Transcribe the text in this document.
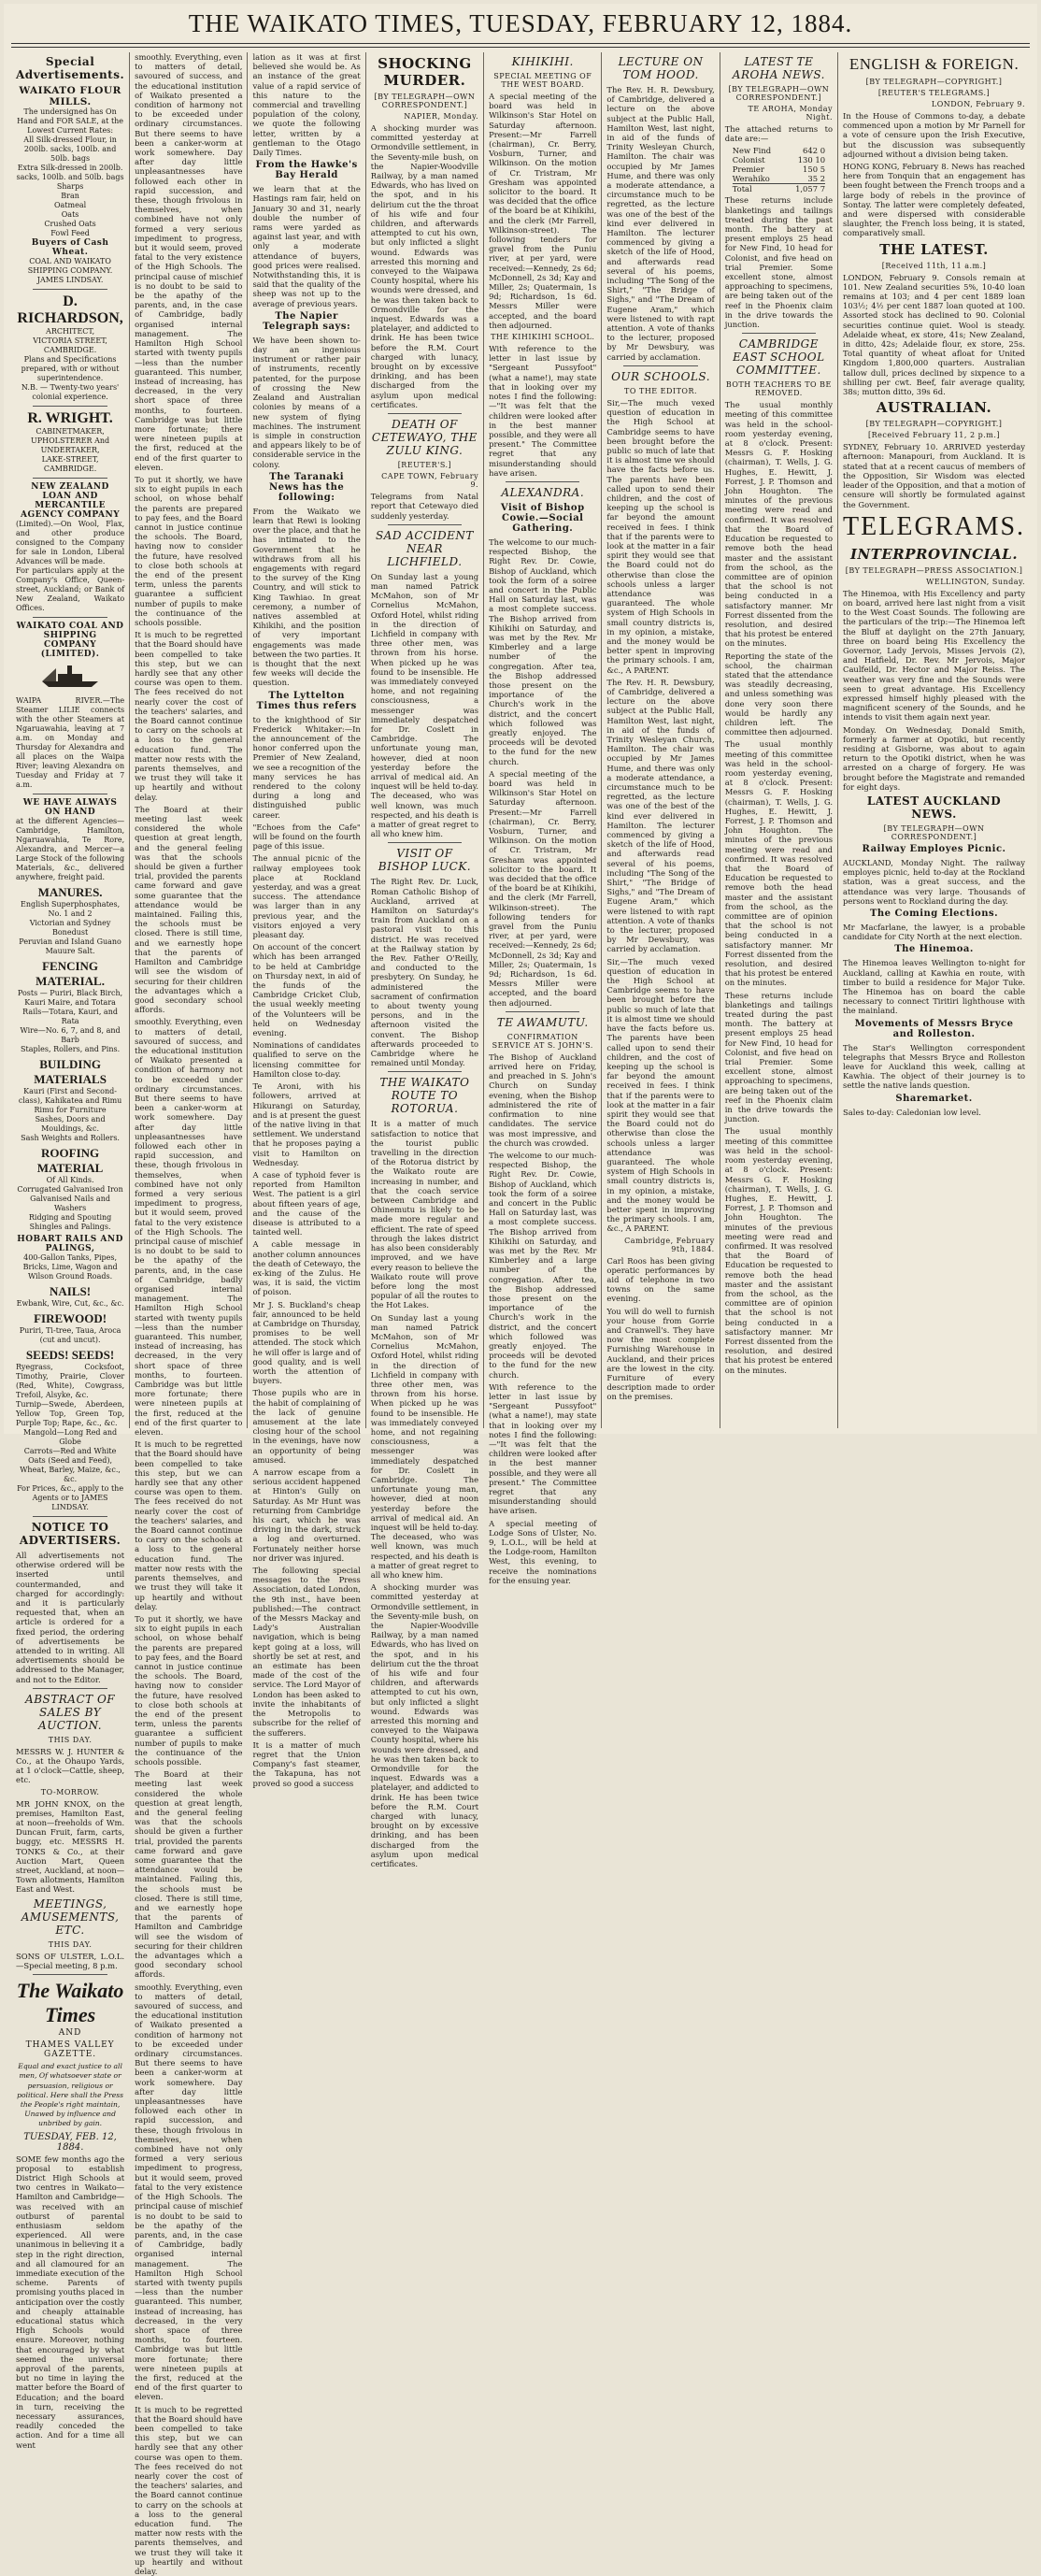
THE WAIKATO TIMES, TUESDAY, FEBRUARY 12, 1884.
Special Advertisements.
WAIKATO FLOUR MILLS.
The undersigned has On Hand and FOR SALE, at the Lowest Current Rates:
All Silk-dressed Flour, in 200lb. sacks, 100lb. and 50lb. bags
Extra Silk-dressed in 200lb. sacks, 100lb. and 50lb. bags
Sharps
Bran
Oatmeal
Oats
Crushed Oats
Fowl Feed
Buyers of Cash Wheat.
COAL AND WAIKATO SHIPPING COMPANY.
JAMES LINDSAY.
D. RICHARDSON,
ARCHITECT,
VICTORIA STREET, CAMBRIDGE.
Plans and Specifications prepared, with or without superintendence.
N.B. — Twenty-two years' colonial experience.
R. WRIGHT.
CABINETMAKER, UPHOLSTERER And UNDERTAKER,
LAKE-STREET, CAMBRIDGE.
NEW ZEALAND LOAN AND MERCANTILE AGENCY COMPANY
(Limited).—On Wool, Flax, and other produce consigned to the Company for sale in London, Liberal Advances will be made.
For particulars apply at the Company's Office, Queen-street, Auckland; or Bank of New Zealand, Waikato Offices.
WAIKATO COAL AND SHIPPING COMPANY (LIMITED).
WAIPA RIVER.—The Steamer LILIE connects with the other Steamers at Ngaruawahia, leaving at 7 a.m. on Monday and Thursday for Alexandra and all places on the Waipa River; leaving Alexandra on Tuesday and Friday at 7 a.m.
WE HAVE ALWAYS ON HAND
at the different Agencies—Cambridge, Hamilton, Ngaruawahia, Te Rore, Alexandra, and Mercer—a Large Stock of the following Materials, &c., delivered anywhere, freight paid.
MANURES.
English Superphosphates, No. 1 and 2
Victorian and Sydney Bonedust
Peruvian and Island Guano
Mauure Salt.
FENCING MATERIAL.
Posts — Puriri, Black Birch, Kauri Maire, and Totara
Rails—Totara, Kauri, and Rata
Wire—No. 6, 7, and 8, and Barb
Staples, Rollers, and Pins.
BUILDING MATERIALS
Kauri (First and Second-class), Kahikatea and Rimu
Rimu for Furniture
Sashes, Doors and Mouldings, &c.
Sash Weights and Rollers.
ROOFING MATERIAL
Of All Kinds.
Corrugated Galvanised Iron
Galvanised Nails and Washers
Ridging and Spouting
Shingles and Palings.
HOBART RAILS AND PALINGS,
400-Gallon Tanks, Pipes, Bricks, Lime, Wagon and Wilson Ground Roads.
NAILS!
Ewbank, Wire, Cut, &c., &c.
FIREWOOD!
Puriri, Ti-tree, Taua, Aroca (cut and uncut).
SEEDS! SEEDS!
Ryegrass, Cocksfoot, Timothy, Prairie, Clover (Red, White), Cowgrass, Trefoil, Alsyke, &c.
Turnip—Swede, Aberdeen, Yellow Top, Green Top, Purple Top; Rape, &c., &c.
Mangold—Long Red and Globe
Carrots—Red and White
Oats (Seed and Feed), Wheat, Barley, Maize, &c., &c.
For Prices, &c., apply to the Agents or to JAMES LINDSAY.
NOTICE TO ADVERTISERS.

All advertisements not otherwise ordered will be inserted until countermanded, and charged for accordingly: and it is particularly requested that, when an article is ordered for a fixed period, the ordering of advertisements be attended to in writing. All advertisements should be addressed to the Manager, and not to the Editor.

ABSTRACT OF SALES BY AUCTION.
THIS DAY.

MESSRS W. J. HUNTER & Co., at the Ohaupo Yards, at 1 o'clock—Cattle, sheep, etc.

TO-MORROW.

MR JOHN KNOX, on the premises, Hamilton East, at noon—freeholds of Wm. Duncan Fruit, farm, carts, buggy, etc. MESSRS H. TONKS & Co., at their Auction Mart, Queen street, Auckland, at noon—Town allotments, Hamilton East and West.

MEETINGS, AMUSEMENTS, ETC.
THIS DAY.

SONS OF ULSTER, L.O.L.—Special meeting, 8 p.m.

The Waikato Times
AND
THAMES VALLEY GAZETTE.

Equal and exact justice to all men, Of whatsoever state or persuasion, religious or political. Here shall the Press the People's right maintain, Unawed by influence and unbribed by gain.

TUESDAY, FEB. 12, 1884.

SOME few months ago the proposal to establish District High Schools at two centres in Waikato—Hamilton and Cambridge—was received with an outburst of parental enthusiasm seldom experienced. All were unanimous in believing it a step in the right direction, and all clamoured for an immediate execution of the scheme. Parents of promising youths placed in anticipation over the costly and cheaply attainable educational status which High Schools would ensure. Moreover, nothing that encouraged by what seemed the universal approval of the parents, but no time in laying the matter before the Board of Education; and the board in turn, receiving the necessary assurances, readily conceded the action. And for a time all went

smoothly. Everything, even to matters of detail, savoured of success, and the educational institution of Waikato presented a condition of harmony not to be exceeded under ordinary circumstances. But there seems to have been a canker-worm at work somewhere. Day after day little unpleasantnesses have followed each other in rapid succession, and these, though frivolous in themselves, when combined have not only formed a very serious impediment to progress, but it would seem, proved fatal to the very existence of the High Schools. The principal cause of mischief is no doubt to be said to be the apathy of the parents, and, in the case of Cambridge, badly organised internal management. The Hamilton High School started with twenty pupils—less than the number guaranteed. This number, instead of increasing, has decreased, in the very short space of three months, to fourteen. Cambridge was but little more fortunate; there were nineteen pupils at the first, reduced at the end of the first quarter to eleven.

To put it shortly, we have six to eight pupils in each school, on whose behalf the parents are prepared to pay fees, and the Board cannot in justice continue the schools. The Board, having now to consider the future, have resolved to close both schools at the end of the present term, unless the parents guarantee a sufficient number of pupils to make the continuance of the schools possible.

It is much to be regretted that the Board should have been compelled to take this step, but we can hardly see that any other course was open to them. The fees received do not nearly cover the cost of the teachers' salaries, and the Board cannot continue to carry on the schools at a loss to the general education fund. The matter now rests with the parents themselves, and we trust they will take it up heartily and without delay.

The Board at their meeting last week considered the whole question at great length, and the general feeling was that the schools should be given a further trial, provided the parents came forward and gave some guarantee that the attendance would be maintained. Failing this, the schools must be closed. There is still time, and we earnestly hope that the parents of Hamilton and Cambridge will see the wisdom of securing for their children the advantages which a good secondary school affords.

smoothly. Everything, even to matters of detail, savoured of success, and the educational institution of Waikato presented a condition of harmony not to be exceeded under ordinary circumstances. But there seems to have been a canker-worm at work somewhere. Day after day little unpleasantnesses have followed each other in rapid succession, and these, though frivolous in themselves, when combined have not only formed a very serious impediment to progress, but it would seem, proved fatal to the very existence of the High Schools. The principal cause of mischief is no doubt to be said to be the apathy of the parents, and, in the case of Cambridge, badly organised internal management. The Hamilton High School started with twenty pupils—less than the number guaranteed. This number, instead of increasing, has decreased, in the very short space of three months, to fourteen. Cambridge was but little more fortunate; there were nineteen pupils at the first, reduced at the end of the first quarter to eleven.

It is much to be regretted that the Board should have been compelled to take this step, but we can hardly see that any other course was open to them. The fees received do not nearly cover the cost of the teachers' salaries, and the Board cannot continue to carry on the schools at a loss to the general education fund. The matter now rests with the parents themselves, and we trust they will take it up heartily and without delay.

To put it shortly, we have six to eight pupils in each school, on whose behalf the parents are prepared to pay fees, and the Board cannot in justice continue the schools. The Board, having now to consider the future, have resolved to close both schools at the end of the present term, unless the parents guarantee a sufficient number of pupils to make the continuance of the schools possible.

The Board at their meeting last week considered the whole question at great length, and the general feeling was that the schools should be given a further trial, provided the parents came forward and gave some guarantee that the attendance would be maintained. Failing this, the schools must be closed. There is still time, and we earnestly hope that the parents of Hamilton and Cambridge will see the wisdom of securing for their children the advantages which a good secondary school affords.

smoothly. Everything, even to matters of detail, savoured of success, and the educational institution of Waikato presented a condition of harmony not to be exceeded under ordinary circumstances. But there seems to have been a canker-worm at work somewhere. Day after day little unpleasantnesses have followed each other in rapid succession, and these, though frivolous in themselves, when combined have not only formed a very serious impediment to progress, but it would seem, proved fatal to the very existence of the High Schools. The principal cause of mischief is no doubt to be said to be the apathy of the parents, and, in the case of Cambridge, badly organised internal management. The Hamilton High School started with twenty pupils—less than the number guaranteed. This number, instead of increasing, has decreased, in the very short space of three months, to fourteen. Cambridge was but little more fortunate; there were nineteen pupils at the first, reduced at the end of the first quarter to eleven.

It is much to be regretted that the Board should have been compelled to take this step, but we can hardly see that any other course was open to them. The fees received do not nearly cover the cost of the teachers' salaries, and the Board cannot continue to carry on the schools at a loss to the general education fund. The matter now rests with the parents themselves, and we trust they will take it up heartily and without delay.

lation as it was at first believed she would be. As an instance of the great value of a rapid service of this nature to the commercial and travelling population of the colony, we quote the following letter, written by a gentleman to the Otago Daily Times.

From the Hawke's Bay Herald

we learn that at the Hastings ram fair, held on January 30 and 31, nearly double the number of rams were yarded as against last year, and with only a moderate attendance of buyers, good prices were realised. Notwithstanding this, it is said that the quality of the sheep was not up to the average of previous years.

The Napier Telegraph says:

We have been shown to-day an ingenious instrument or rather pair of instruments, recently patented, for the purpose of crossing the New Zealand and Australian colonies by means of a new system of flying machines. The instrument is simple in construction and appears likely to be of considerable service in the colony.

The Taranaki News has the following:

From the Waikato we learn that Rewi is looking over the place, and that he has intimated to the Government that he withdraws from all his engagements with regard to the survey of the King Country, and will stick to King Tawhiao. In great ceremony, a number of natives assembled at Kihikihi, and the position of very important engagements was made between the two parties. It is thought that the next few weeks will decide the question.

The Lyttelton Times thus refers

to the knighthood of Sir Frederick Whitaker:—In the announcement of the honor conferred upon the Premier of New Zealand, we see a recognition of the many services he has rendered to the colony during a long and distinguished public career.

"Echoes from the Cafe" will be found on the fourth page of this issue.

The annual picnic of the railway employees took place at Rockland yesterday, and was a great success. The attendance was larger than in any previous year, and the visitors enjoyed a very pleasant day.

On account of the concert which has been arranged to be held at Cambridge on Thursday next, in aid of the funds of the Cambridge Cricket Club, the usual weekly meeting of the Volunteers will be held on Wednesday evening.

Nominations of candidates qualified to serve on the licensing committee for Hamilton close to-day.

Te Aroni, with his followers, arrived at Hikurangi on Saturday, and is at present the guest of the native living in that settlement. We understand that he proposes paying a visit to Hamilton on Wednesday.

A case of typhoid fever is reported from Hamilton West. The patient is a girl about fifteen years of age, and the cause of the disease is attributed to a tainted well.

A cable message in another column announces the death of Cetewayo, the ex-king of the Zulus. He was, it is said, the victim of poison.

Mr J. S. Buckland's cheap fair, announced to be held at Cambridge on Thursday, promises to be well attended. The stock which he will offer is large and of good quality, and is well worth the attention of buyers.

Those pupils who are in the habit of complaining of the lack of genuine amusement at the late closing hour of the school in the evenings, have now an opportunity of being amused.

A narrow escape from a serious accident happened at Hinton's Gully on Saturday. As Mr Hunt was returning from Cambridge his cart, which he was driving in the dark, struck a log and overturned. Fortunately neither horse nor driver was injured.

The following special messages to the Press Association, dated London, the 9th inst., have been published:—The contract of the Messrs Mackay and Lady's Australian navigation, which is being kept going at a loss, will shortly be set at rest, and an estimate has been made of the cost of the service. The Lord Mayor of London has been asked to invite the inhabitants of the Metropolis to subscribe for the relief of the sufferers.

It is a matter of much regret that the Union Company's fast steamer, the Takapuna, has not proved so good a success

SHOCKING MURDER.
[BY TELEGRAPH—OWN CORRESPONDENT.]
NAPIER, Monday.

A shocking murder was committed yesterday at Ormondville settlement, in the Seventy-mile bush, on the Napier-Woodville Railway, by a man named Edwards, who has lived on the spot, and in his delirium cut the the throat of his wife and four children, and afterwards attempted to cut his own, but only inflicted a slight wound. Edwards was arrested this morning and conveyed to the Waipawa County hospital, where his wounds were dressed, and he was then taken back to Ormondville for the inquest. Edwards was a platelayer, and addicted to drink. He has been twice before the R.M. Court charged with lunacy, brought on by excessive drinking, and has been discharged from the asylum upon medical certificates.

DEATH OF CETEWAYO, THE ZULU KING.
[REUTER'S.]
CAPE TOWN, February 9.

Telegrams from Natal report that Cetewayo died suddenly yesterday.

SAD ACCIDENT NEAR LICHFIELD.

On Sunday last a young man named Patrick McMahon, son of Mr Cornelius McMahon, Oxford Hotel, whilst riding in the direction of Lichfield in company with three other men, was thrown from his horse. When picked up he was found to be insensible. He was immediately conveyed home, and not regaining consciousness, a messenger was immediately despatched for Dr. Coslett in Cambridge. The unfortunate young man, however, died at noon yesterday before the arrival of medical aid. An inquest will be held to-day. The deceased, who was well known, was much respected, and his death is a matter of great regret to all who knew him.

VISIT OF BISHOP LUCK.

The Right Rev. Dr. Luck, Roman Catholic Bishop of Auckland, arrived at Hamilton on Saturday's train from Auckland on a pastoral visit to this district. He was received at the Railway station by the Rev. Father O'Reilly, and conducted to the presbytery. On Sunday, he administered the sacrament of confirmation to about twenty young persons, and in the afternoon visited the convent. The Bishop afterwards proceeded to Cambridge where he remained until Monday.

THE WAIKATO ROUTE TO ROTORUA.

It is a matter of much satisfaction to notice that the tourist public travelling in the direction of the Rotorua district by the Waikato route are increasing in number, and that the coach service between Cambridge and Ohinemutu is likely to be made more regular and efficient. The rate of speed through the lakes district has also been considerably improved, and we have every reason to believe the Waikato route will prove before long the most popular of all the routes to the Hot Lakes.

On Sunday last a young man named Patrick McMahon, son of Mr Cornelius McMahon, Oxford Hotel, whilst riding in the direction of Lichfield in company with three other men, was thrown from his horse. When picked up he was found to be insensible. He was immediately conveyed home, and not regaining consciousness, a messenger was immediately despatched for Dr. Coslett in Cambridge. The unfortunate young man, however, died at noon yesterday before the arrival of medical aid. An inquest will be held to-day. The deceased, who was well known, was much respected, and his death is a matter of great regret to all who knew him.

A shocking murder was committed yesterday at Ormondville settlement, in the Seventy-mile bush, on the Napier-Woodville Railway, by a man named Edwards, who has lived on the spot, and in his delirium cut the the throat of his wife and four children, and afterwards attempted to cut his own, but only inflicted a slight wound. Edwards was arrested this morning and conveyed to the Waipawa County hospital, where his wounds were dressed, and he was then taken back to Ormondville for the inquest. Edwards was a platelayer, and addicted to drink. He has been twice before the R.M. Court charged with lunacy, brought on by excessive drinking, and has been discharged from the asylum upon medical certificates.

KIHIKIHI.
SPECIAL MEETING OF THE WEST BOARD.

A special meeting of the board was held in Wilkinson's Star Hotel on Saturday afternoon. Present:—Mr Farrell (chairman), Cr. Berry, Vosburn, Turner, and Wilkinson. On the motion of Cr. Tristram, Mr Gresham was appointed solicitor to the board. It was decided that the office of the board be at Kihikihi, and the clerk (Mr Farrell, Wilkinson-street). The following tenders for gravel from the Puniu river, at per yard, were received:—Kennedy, 2s 6d; McDonnell, 2s 3d; Kay and Miller, 2s; Quatermain, 1s 9d; Richardson, 1s 6d. Messrs Miller were accepted, and the board then adjourned.

THE KIHIKIHI SCHOOL.

With reference to the letter in last issue by "Sergeant Pussyfoot" (what a name!), may state that in looking over my notes I find the following:—"It was felt that the children were looked after in the best manner possible, and they were all present." The Committee regret that any misunderstanding should have arisen.

ALEXANDRA.
Visit of Bishop Cowie.—Social Gathering.

The welcome to our much-respected Bishop, the Right Rev. Dr. Cowie, Bishop of Auckland, which took the form of a soiree and concert in the Public Hall on Saturday last, was a most complete success. The Bishop arrived from Kihikihi on Saturday, and was met by the Rev. Mr Kimberley and a large number of the congregation. After tea, the Bishop addressed those present on the importance of the Church's work in the district, and the concert which followed was greatly enjoyed. The proceeds will be devoted to the fund for the new church.

A special meeting of the board was held in Wilkinson's Star Hotel on Saturday afternoon. Present:—Mr Farrell (chairman), Cr. Berry, Vosburn, Turner, and Wilkinson. On the motion of Cr. Tristram, Mr Gresham was appointed solicitor to the board. It was decided that the office of the board be at Kihikihi, and the clerk (Mr Farrell, Wilkinson-street). The following tenders for gravel from the Puniu river, at per yard, were received:—Kennedy, 2s 6d; McDonnell, 2s 3d; Kay and Miller, 2s; Quatermain, 1s 9d; Richardson, 1s 6d. Messrs Miller were accepted, and the board then adjourned.

TE AWAMUTU.
CONFIRMATION SERVICE AT S. JOHN'S.

The Bishop of Auckland arrived here on Friday, and preached in S. John's Church on Sunday evening, when the Bishop administered the rite of confirmation to nine candidates. The service was most impressive, and the church was crowded.

The welcome to our much-respected Bishop, the Right Rev. Dr. Cowie, Bishop of Auckland, which took the form of a soiree and concert in the Public Hall on Saturday last, was a most complete success. The Bishop arrived from Kihikihi on Saturday, and was met by the Rev. Mr Kimberley and a large number of the congregation. After tea, the Bishop addressed those present on the importance of the Church's work in the district, and the concert which followed was greatly enjoyed. The proceeds will be devoted to the fund for the new church.

With reference to the letter in last issue by "Sergeant Pussyfoot" (what a name!), may state that in looking over my notes I find the following:—"It was felt that the children were looked after in the best manner possible, and they were all present." The Committee regret that any misunderstanding should have arisen.

A special meeting of Lodge Sons of Ulster, No. 9, L.O.L., will be held at the Lodge-room, Hamilton West, this evening, to receive the nominations for the ensuing year.

LECTURE ON TOM HOOD.

The Rev. H. R. Dewsbury, of Cambridge, delivered a lecture on the above subject at the Public Hall, Hamilton West, last night, in aid of the funds of Trinity Wesleyan Church, Hamilton. The chair was occupied by Mr James Hume, and there was only a moderate attendance, a circumstance much to be regretted, as the lecture was one of the best of the kind ever delivered in Hamilton. The lecturer commenced by giving a sketch of the life of Hood, and afterwards read several of his poems, including "The Song of the Shirt," "The Bridge of Sighs," and "The Dream of Eugene Aram," which were listened to with rapt attention. A vote of thanks to the lecturer, proposed by Mr Dewsbury, was carried by acclamation.

OUR SCHOOLS.
TO THE EDITOR.

Sir,—The much vexed question of education in the High School at Cambridge seems to have been brought before the public so much of late that it is almost time we should have the facts before us. The parents have been called upon to send their children, and the cost of keeping up the school is far beyond the amount received in fees. I think that if the parents were to look at the matter in a fair spirit they would see that the Board could not do otherwise than close the schools unless a larger attendance was guaranteed. The whole system of High Schools in small country districts is, in my opinion, a mistake, and the money would be better spent in improving the primary schools. I am, &c., A PARENT.

The Rev. H. R. Dewsbury, of Cambridge, delivered a lecture on the above subject at the Public Hall, Hamilton West, last night, in aid of the funds of Trinity Wesleyan Church, Hamilton. The chair was occupied by Mr James Hume, and there was only a moderate attendance, a circumstance much to be regretted, as the lecture was one of the best of the kind ever delivered in Hamilton. The lecturer commenced by giving a sketch of the life of Hood, and afterwards read several of his poems, including "The Song of the Shirt," "The Bridge of Sighs," and "The Dream of Eugene Aram," which were listened to with rapt attention. A vote of thanks to the lecturer, proposed by Mr Dewsbury, was carried by acclamation.

Sir,—The much vexed question of education in the High School at Cambridge seems to have been brought before the public so much of late that it is almost time we should have the facts before us. The parents have been called upon to send their children, and the cost of keeping up the school is far beyond the amount received in fees. I think that if the parents were to look at the matter in a fair spirit they would see that the Board could not do otherwise than close the schools unless a larger attendance was guaranteed. The whole system of High Schools in small country districts is, in my opinion, a mistake, and the money would be better spent in improving the primary schools. I am, &c., A PARENT.

Cambridge, February 9th, 1884.

Carl Roos has been giving operatic performances by aid of telephone in two towns on the same evening.

You will do well to furnish your house from Gorrie and Cranwell's. They have now the most complete Furnishing Warehouse in Auckland, and their prices are the lowest in the city. Furniture of every description made to order on the premises.

LATEST TE AROHA NEWS.
[BY TELEGRAPH—OWN CORRESPONDENT.]
TE AROHA, Monday Night.

The attached returns to date are:—

New Find	642 0
Colonist	130 10
Premier	150 5
Werahiko	35 2
Total	1,057 7

These returns include blanketings and tailings treated during the past month. The battery at present employs 25 head for New Find, 10 head for Colonist, and five head on trial Premier. Some excellent stone, almost approaching to specimens, are being taken out of the reef in the Phoenix claim in the drive towards the junction.

CAMBRIDGE EAST SCHOOL COMMITTEE.
BOTH TEACHERS TO BE REMOVED.

The usual monthly meeting of this committee was held in the school-room yesterday evening, at 8 o'clock. Present: Messrs G. F. Hosking (chairman), T. Wells, J. G. Hughes, E. Hewitt, J. Forrest, J. P. Thomson and John Houghton. The minutes of the previous meeting were read and confirmed. It was resolved that the Board of Education be requested to remove both the head master and the assistant from the school, as the committee are of opinion that the school is not being conducted in a satisfactory manner. Mr Forrest dissented from the resolution, and desired that his protest be entered on the minutes.

Reporting the state of the school, the chairman stated that the attendance was steadily decreasing, and unless something was done very soon there would be hardly any children left. The committee then adjourned.

The usual monthly meeting of this committee was held in the school-room yesterday evening, at 8 o'clock. Present: Messrs G. F. Hosking (chairman), T. Wells, J. G. Hughes, E. Hewitt, J. Forrest, J. P. Thomson and John Houghton. The minutes of the previous meeting were read and confirmed. It was resolved that the Board of Education be requested to remove both the head master and the assistant from the school, as the committee are of opinion that the school is not being conducted in a satisfactory manner. Mr Forrest dissented from the resolution, and desired that his protest be entered on the minutes.

These returns include blanketings and tailings treated during the past month. The battery at present employs 25 head for New Find, 10 head for Colonist, and five head on trial Premier. Some excellent stone, almost approaching to specimens, are being taken out of the reef in the Phoenix claim in the drive towards the junction.

The usual monthly meeting of this committee was held in the school-room yesterday evening, at 8 o'clock. Present: Messrs G. F. Hosking (chairman), T. Wells, J. G. Hughes, E. Hewitt, J. Forrest, J. P. Thomson and John Houghton. The minutes of the previous meeting were read and confirmed. It was resolved that the Board of Education be requested to remove both the head master and the assistant from the school, as the committee are of opinion that the school is not being conducted in a satisfactory manner. Mr Forrest dissented from the resolution, and desired that his protest be entered on the minutes.

ENGLISH & FOREIGN.
[BY TELEGRAPH—COPYRIGHT.]
[REUTER'S TELEGRAMS.]
LONDON, February 9.

In the House of Commons to-day, a debate commenced upon a motion by Mr Parnell for a vote of censure upon the Irish Executive, but the discussion was subsequently adjourned without a division being taken.

HONG KONG, February 8. News has reached here from Tonquin that an engagement has been fought between the French troops and a large body of rebels in the province of Sontay. The latter were completely defeated, and were dispersed with considerable slaughter, the French loss being, it is stated, comparatively small.

THE LATEST.
[Received 11th, 11 a.m.]

LONDON, February 9. Consols remain at 101. New Zealand securities 5%, 10-40 loan remains at 103; and 4 per cent 1889 loan 103½; 4½ per cent 1887 loan quoted at 100. Assorted stock has declined to 90. Colonial securities continue quiet. Wool is steady. Adelaide wheat, ex store, 41s; New Zealand, in ditto, 42s; Adelaide flour, ex store, 25s. Total quantity of wheat afloat for United Kingdom 1,800,000 quarters. Australian tallow dull, prices declined by sixpence to a shilling per cwt. Beef, fair average quality, 38s; mutton ditto, 39s 6d.

AUSTRALIAN.
[BY TELEGRAPH—COPYRIGHT.]
[Received February 11, 2 p.m.]

SYDNEY, February 10. ARRIVED yesterday afternoon: Manapouri, from Auckland. It is stated that at a recent caucus of members of the Opposition, Sir Wisdom was elected leader of the Opposition, and that a motion of censure will shortly be formulated against the Government.

TELEGRAMS.
INTERPROVINCIAL.
[BY TELEGRAPH—PRESS ASSOCIATION.]
WELLINGTON, Sunday.

The Hinemoa, with His Excellency and party on board, arrived here last night from a visit to the West Coast Sounds. The following are the particulars of the trip:—The Hinemoa left the Bluff at daylight on the 27th January, three on board being His Excellency the Governor, Lady Jervois, Misses Jervois (2), and Hatfield, Dr. Rev. Mr Jervois, Major Caulfeild, Dr. Hector and Major Reiss. The weather was very fine and the Sounds were seen to great advantage. His Excellency expressed himself highly pleased with the magnificent scenery of the Sounds, and he intends to visit them again next year.

Monday. On Wednesday, Donald Smith, formerly a farmer at Opotiki, but recently residing at Gisborne, was about to again return to the Opotiki district, when he was arrested on a charge of forgery. He was brought before the Magistrate and remanded for eight days.

LATEST AUCKLAND NEWS.
[BY TELEGRAPH—OWN CORRESPONDENT.]
Railway Employes Picnic.

AUCKLAND, Monday Night. The railway employes picnic, held to-day at the Rockland station, was a great success, and the attendance was very large. Thousands of persons went to Rockland during the day.

The Coming Elections.

Mr Macfarlane, the lawyer, is a probable candidate for City North at the next election.

The Hinemoa.

The Hinemoa leaves Wellington to-night for Auckland, calling at Kawhia en route, with timber to build a residence for Major Tuke. The Hinemoa has on board the cable necessary to connect Tiritiri lighthouse with the mainland.

Movements of Messrs Bryce and Rolleston.

The Star's Wellington correspondent telegraphs that Messrs Bryce and Rolleston leave for Auckland this week, calling at Kawhia. The object of their journey is to settle the native lands question.

Sharemarket.

Sales to-day: Caledonian low level.
